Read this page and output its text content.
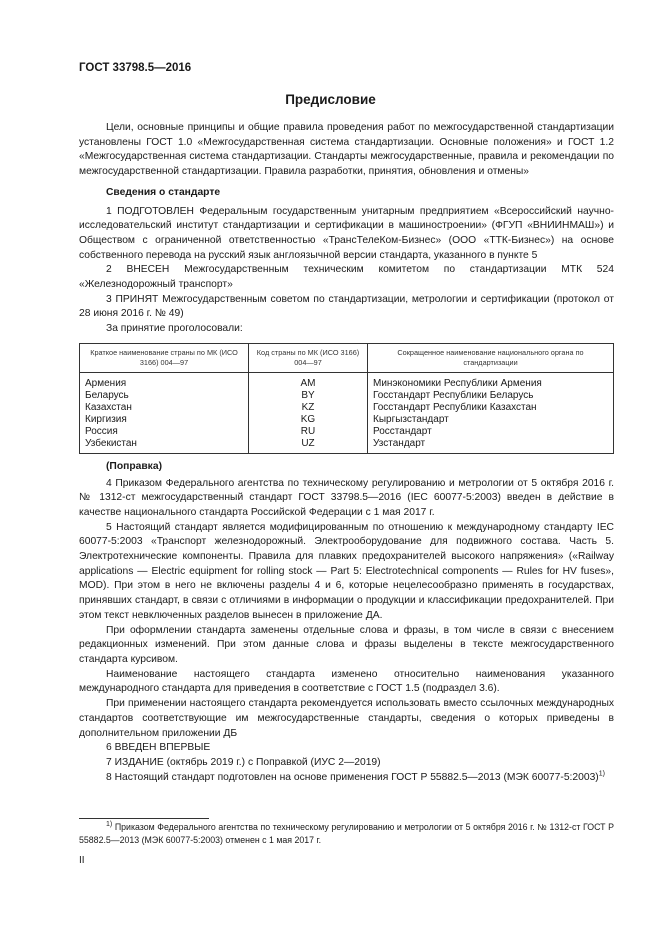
ГОСТ 33798.5—2016
Предисловие

Цели, основные принципы и общие правила проведения работ по межгосударственной стандартизации установлены ГОСТ 1.0 «Межгосударственная система стандартизации. Основные положения» и ГОСТ 1.2 «Межгосударственная система стандартизации. Стандарты межгосударственные, правила и рекомендации по межгосударственной стандартизации. Правила разработки, принятия, обновления и отмены»

Сведения о стандарте

1 ПОДГОТОВЛЕН Федеральным государственным унитарным предприятием «Всероссийский научно-исследовательский институт стандартизации и сертификации в машиностроении» (ФГУП «ВНИИНМАШ») и Обществом с ограниченной ответственностью «ТрансТелеКом-Бизнес» (ООО «ТТК-Бизнес») на основе собственного перевода на русский язык англоязычной версии стандарта, указанного в пункте 5

2 ВНЕСЕН Межгосударственным техническим комитетом по стандартизации МТК 524 «Железнодорожный транспорт»

3 ПРИНЯТ Межгосударственным советом по стандартизации, метрологии и сертификации (протокол от 28 июня 2016 г. № 49)

За принятие проголосовали:

Краткое наименование страны по МК (ИСО 3166) 004—97	Код страны по МК (ИСО 3166) 004—97	Сокращенное наименование национального органа по стандартизации
Армения	AM	Минэкономики Республики Армения
Беларусь	BY	Госстандарт Республики Беларусь
Казахстан	KZ	Госстандарт Республики Казахстан
Киргизия	KG	Кыргызстандарт
Россия	RU	Росстандарт
Узбекистан	UZ	Узстандарт
(Поправка)

4 Приказом Федерального агентства по техническому регулированию и метрологии от 5 октября 2016 г. № 1312-ст межгосударственный стандарт ГОСТ 33798.5—2016 (IEC 60077-5:2003) введен в действие в качестве национального стандарта Российской Федерации с 1 мая 2017 г.

5 Настоящий стандарт является модифицированным по отношению к международному стандарту IEC 60077-5:2003 «Транспорт железнодорожный. Электрооборудование для подвижного состава. Часть 5. Электротехнические компоненты. Правила для плавких предохранителей высокого напряжения» («Railway applications — Electric equipment for rolling stock — Part 5: Electrotechnical components — Rules for HV fuses», MOD). При этом в него не включены разделы 4 и 6, которые нецелесообразно применять в государствах, принявших стандарт, в связи с отличиями в информации о продукции и классификации предохранителей. При этом текст невключенных разделов вынесен в приложение ДА.

При оформлении стандарта заменены отдельные слова и фразы, в том числе в связи с внесением редакционных изменений. При этом данные слова и фразы выделены в тексте межгосударственного стандарта курсивом.

Наименование настоящего стандарта изменено относительно наименования указанного международного стандарта для приведения в соответствие с ГОСТ 1.5 (подраздел 3.6).

При применении настоящего стандарта рекомендуется использовать вместо ссылочных международных стандартов соответствующие им межгосударственные стандарты, сведения о которых приведены в дополнительном приложении ДБ

6 ВВЕДЕН ВПЕРВЫЕ

7 ИЗДАНИЕ (октябрь 2019 г.) с Поправкой (ИУС 2—2019)

8 Настоящий стандарт подготовлен на основе применения ГОСТ Р 55882.5—2013 (МЭК 60077-5:2003)$^{1)}$

$^{1)}$ Приказом Федерального агентства по техническому регулированию и метрологии от 5 октября 2016 г. № 1312-ст ГОСТ Р 55882.5—2013 (МЭК 60077-5:2003) отменен с 1 мая 2017 г.

II
